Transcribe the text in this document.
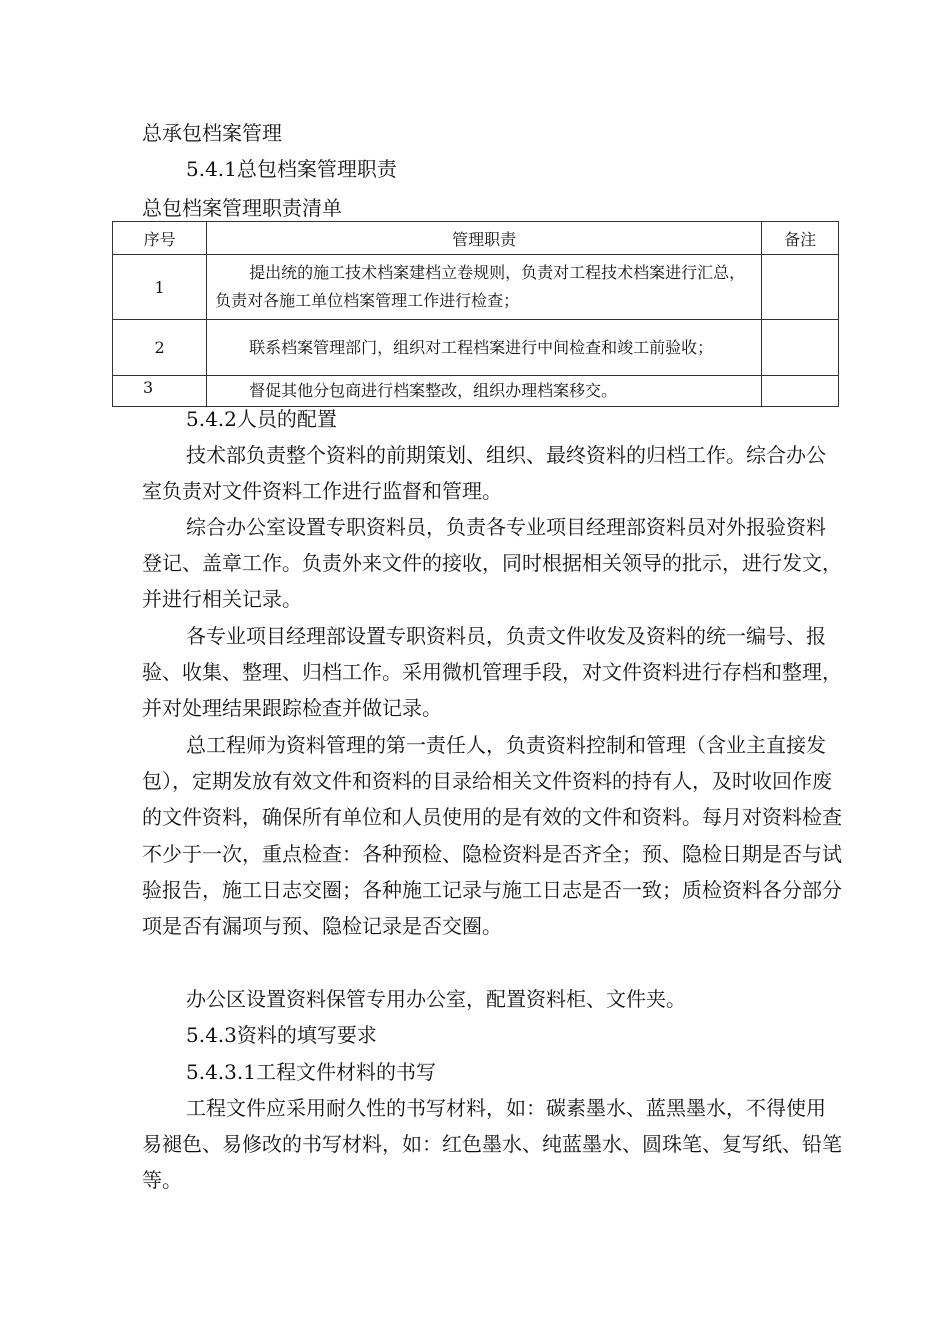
总承包档案管理
5.4.1总包档案管理职责
总包档案管理职责清单
序号	管理职责	备注
1	提出统的施工技术档案建档立卷规则，负责对工程技术档案进行汇总，负责对各施工单位档案管理工作进行检查；	

2	联系档案管理部门，组织对工程档案进行中间检查和竣工前验收；	

3	督促其他分包商进行档案整改，组织办理档案移交。	

5.4.2人员的配置

技术部负责整个资料的前期策划、组织、最终资料的归档工作。综合办公室负责对文件资料工作进行监督和管理。

综合办公室设置专职资料员，负责各专业项目经理部资料员对外报验资料登记、盖章工作。负责外来文件的接收，同时根据相关领导的批示，进行发文，并进行相关记录。

各专业项目经理部设置专职资料员，负责文件收发及资料的统一编号、报验、收集、整理、归档工作。采用微机管理手段，对文件资料进行存档和整理，并对处理结果跟踪检查并做记录。

总工程师为资料管理的第一责任人，负责资料控制和管理（含业主直接发包），定期发放有效文件和资料的目录给相关文件资料的持有人，及时收回作废的文件资料，确保所有单位和人员使用的是有效的文件和资料。每月对资料检查不少于一次，重点检查：各种预检、隐检资料是否齐全；预、隐检日期是否与试验报告，施工日志交圈；各种施工记录与施工日志是否一致；质检资料各分部分项是否有漏项与预、隐检记录是否交圈。

办公区设置资料保管专用办公室，配置资料柜、文件夹。

5.4.3资料的填写要求
5.4.3.1工程文件材料的书写

工程文件应采用耐久性的书写材料，如：碳素墨水、蓝黑墨水，不得使用易褪色、易修改的书写材料，如：红色墨水、纯蓝墨水、圆珠笔、复写纸、铅笔等。
